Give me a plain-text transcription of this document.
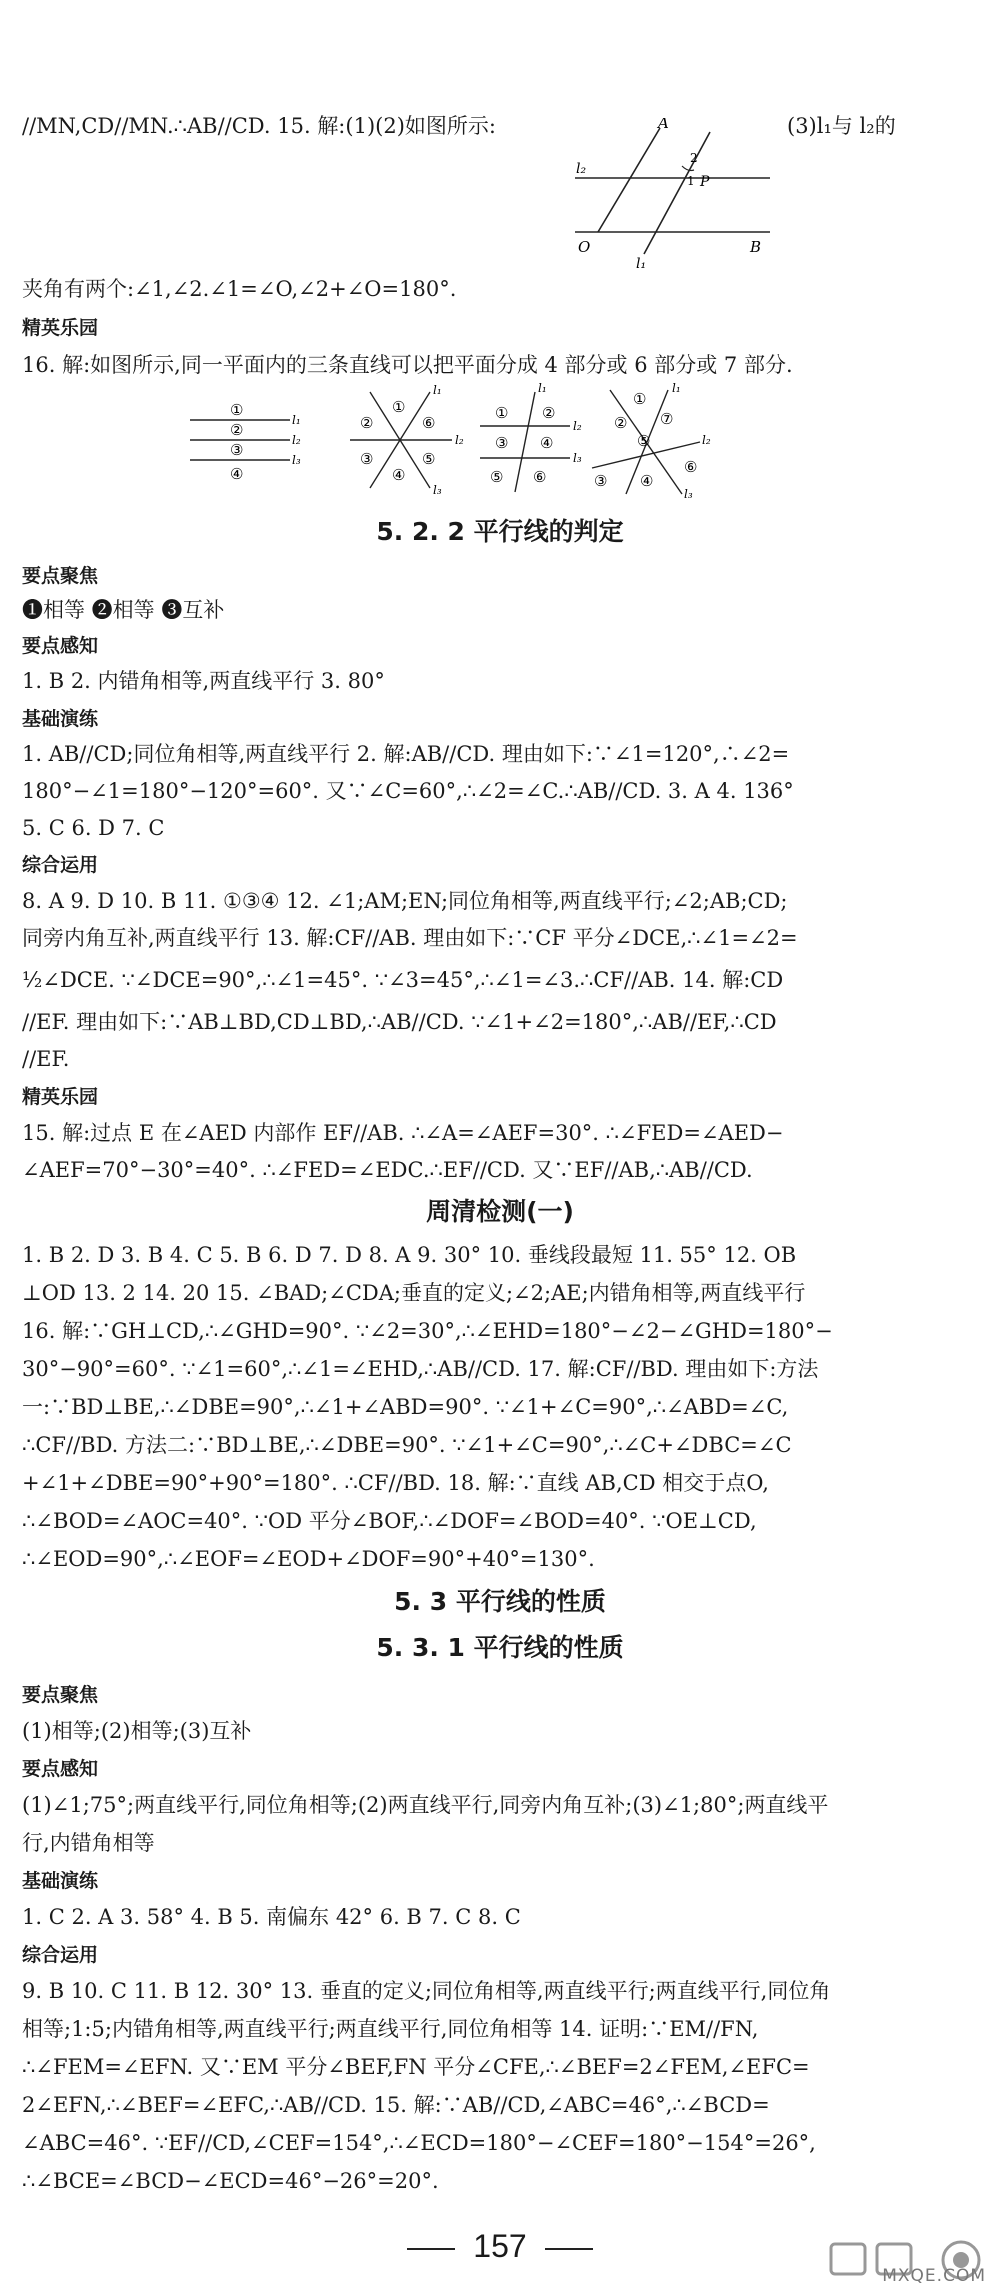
//MN,CD//MN.∴AB//CD. 15. 解:(1)(2)如图所示:	(3)l₁与 l₂的
A
B
O
P
l₂
l₁
1
2
夹角有两个:∠1,∠2.∠1=∠O,∠2+∠O=180°.
精英乐园
16. 解:如图所示,同一平面内的三条直线可以把平面分成 4 部分或 6 部分或 7 部分.
①
②
③
④
l₁
l₂
l₃
②
①
⑥
③
④
⑤
l₁
l₂
l₃
① ②
③ ④
⑤ ⑥
l₁
l₂
l₃
②
①
⑦
⑤
③ ④
⑥
l₁
l₂
l₃
5. 2. 2 平行线的判定
要点聚焦
❶相等 ❷相等 ❸互补
要点感知
1. B 2. 内错角相等,两直线平行 3. 80°
基础演练
1. AB//CD;同位角相等,两直线平行 2. 解:AB//CD. 理由如下:∵∠1=120°,∴∠2=
180°−∠1=180°−120°=60°. 又∵∠C=60°,∴∠2=∠C.∴AB//CD. 3. A 4. 136°
5. C 6. D 7. C
综合运用
8. A 9. D 10. B 11. ①③④ 12. ∠1;AM;EN;同位角相等,两直线平行;∠2;AB;CD;
同旁内角互补,两直线平行 13. 解:CF//AB. 理由如下:∵CF 平分∠DCE,∴∠1=∠2=
½∠DCE. ∵∠DCE=90°,∴∠1=45°. ∵∠3=45°,∴∠1=∠3.∴CF//AB. 14. 解:CD
//EF. 理由如下:∵AB⊥BD,CD⊥BD,∴AB//CD. ∵∠1+∠2=180°,∴AB//EF,∴CD
//EF.
精英乐园
15. 解:过点 E 在∠AED 内部作 EF//AB. ∴∠A=∠AEF=30°. ∴∠FED=∠AED−
∠AEF=70°−30°=40°. ∴∠FED=∠EDC.∴EF//CD. 又∵EF//AB,∴AB//CD.
周清检测(一)
1. B 2. D 3. B 4. C 5. B 6. D 7. D 8. A 9. 30° 10. 垂线段最短 11. 55° 12. OB
⊥OD 13. 2 14. 20 15. ∠BAD;∠CDA;垂直的定义;∠2;AE;内错角相等,两直线平行
16. 解:∵GH⊥CD,∴∠GHD=90°. ∵∠2=30°,∴∠EHD=180°−∠2−∠GHD=180°−
30°−90°=60°. ∵∠1=60°,∴∠1=∠EHD,∴AB//CD. 17. 解:CF//BD. 理由如下:方法
一:∵BD⊥BE,∴∠DBE=90°,∴∠1+∠ABD=90°. ∵∠1+∠C=90°,∴∠ABD=∠C,
∴CF//BD. 方法二:∵BD⊥BE,∴∠DBE=90°. ∵∠1+∠C=90°,∴∠C+∠DBC=∠C
+∠1+∠DBE=90°+90°=180°. ∴CF//BD. 18. 解:∵直线 AB,CD 相交于点O,
∴∠BOD=∠AOC=40°. ∵OD 平分∠BOF,∴∠DOF=∠BOD=40°. ∵OE⊥CD,
∴∠EOD=90°,∴∠EOF=∠EOD+∠DOF=90°+40°=130°.
5. 3 平行线的性质
5. 3. 1 平行线的性质
要点聚焦
(1)相等;(2)相等;(3)互补
要点感知
(1)∠1;75°;两直线平行,同位角相等;(2)两直线平行,同旁内角互补;(3)∠1;80°;两直线平
行,内错角相等
基础演练
1. C 2. A 3. 58° 4. B 5. 南偏东 42° 6. B 7. C 8. C
综合运用
9. B 10. C 11. B 12. 30° 13. 垂直的定义;同位角相等,两直线平行;两直线平行,同位角
相等;1:5;内错角相等,两直线平行;两直线平行,同位角相等 14. 证明:∵EM//FN,
∴∠FEM=∠EFN. 又∵EM 平分∠BEF,FN 平分∠CFE,∴∠BEF=2∠FEM,∠EFC=
2∠EFN,∴∠BEF=∠EFC,∴AB//CD. 15. 解:∵AB//CD,∠ABC=46°,∴∠BCD=
∠ABC=46°. ∵EF//CD,∠CEF=154°,∴∠ECD=180°−∠CEF=180°−154°=26°,
∴∠BCE=∠BCD−∠ECD=46°−26°=20°.
157
MXQE.COM
